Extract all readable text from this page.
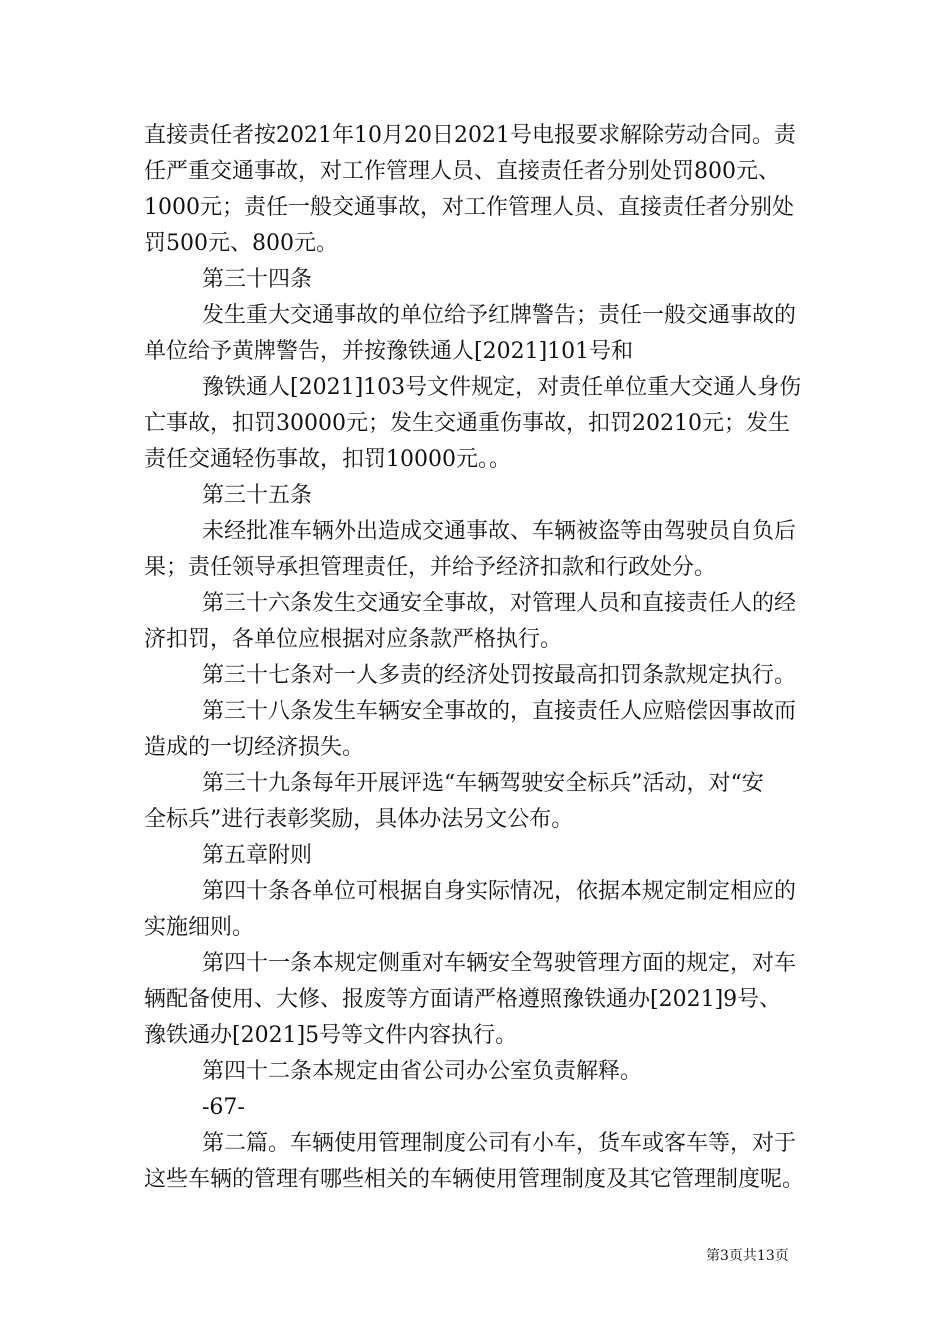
直接责任者按2021年10月20日2021号电报要求解除劳动合同。责
任严重交通事故，对工作管理人员、直接责任者分别处罚800元、
1000元；责任一般交通事故，对工作管理人员、直接责任者分别处
罚500元、800元。
第三十四条
发生重大交通事故的单位给予红牌警告；责任一般交通事故的
单位给予黄牌警告，并按豫铁通人[2021]101号和
豫铁通人[2021]103号文件规定，对责任单位重大交通人身伤
亡事故，扣罚30000元；发生交通重伤事故，扣罚20210元；发生
责任交通轻伤事故，扣罚10000元。。
第三十五条
未经批准车辆外出造成交通事故、车辆被盗等由驾驶员自负后
果；责任领导承担管理责任，并给予经济扣款和行政处分。
第三十六条发生交通安全事故，对管理人员和直接责任人的经
济扣罚，各单位应根据对应条款严格执行。
第三十七条对一人多责的经济处罚按最高扣罚条款规定执行。
第三十八条发生车辆安全事故的，直接责任人应赔偿因事故而
造成的一切经济损失。
第三十九条每年开展评选“车辆驾驶安全标兵”活动，对“安
全标兵”进行表彰奖励，具体办法另文公布。
第五章附则
第四十条各单位可根据自身实际情况，依据本规定制定相应的
实施细则。
第四十一条本规定侧重对车辆安全驾驶管理方面的规定，对车
辆配备使用、大修、报废等方面请严格遵照豫铁通办[2021]9号、
豫铁通办[2021]5号等文件内容执行。
第四十二条本规定由省公司办公室负责解释。
-67-
第二篇。车辆使用管理制度公司有小车，货车或客车等，对于
这些车辆的管理有哪些相关的车辆使用管理制度及其它管理制度呢。
第3页共13页
